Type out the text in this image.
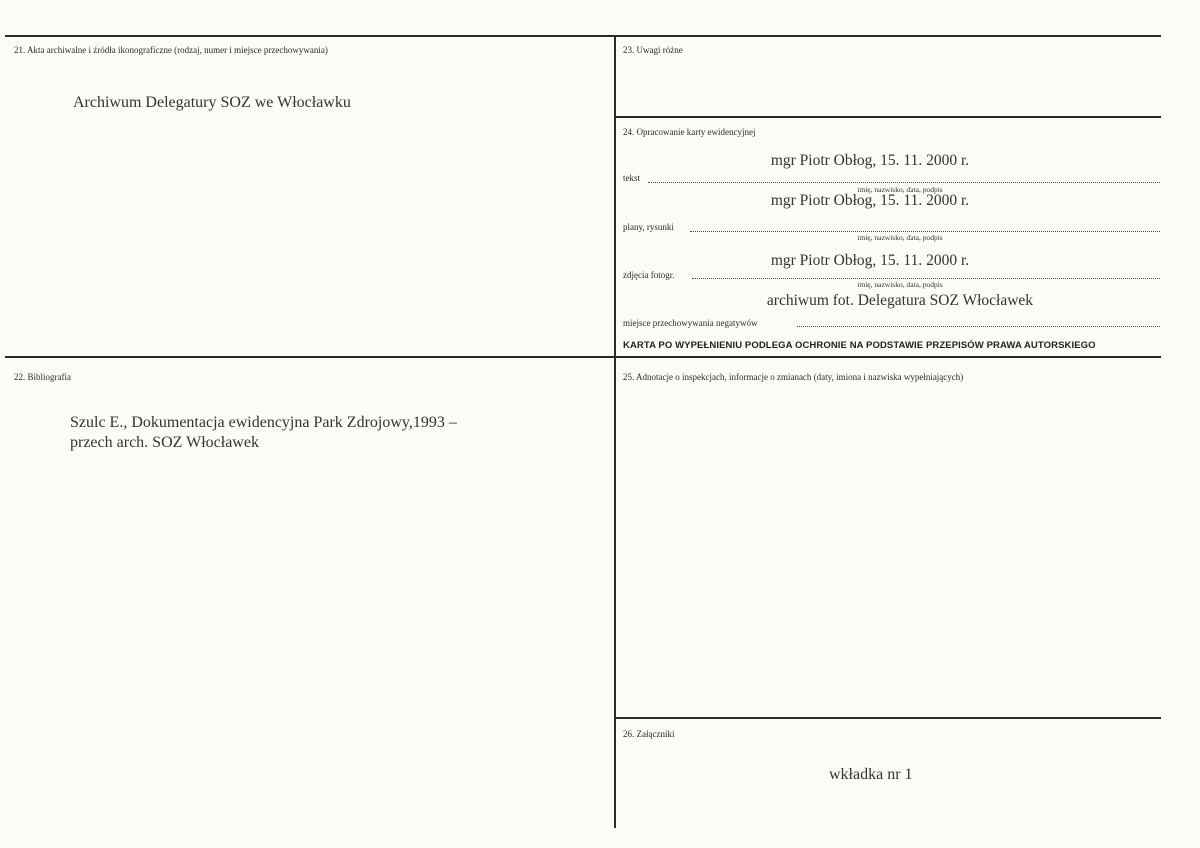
21. Akta archiwalne i źródła ikonograficzne (rodzaj, numer i miejsce przechowywania)
Archiwum Delegatury SOZ we Włocławku
22. Bibliografia
Szulc E., Dokumentacja ewidencyjna Park Zdrojowy,1993 –
przech arch. SOZ Włocławek
23. Uwagi różne
24. Opracowanie karty ewidencyjnej
mgr Piotr Obłog, 15. 11. 2000 r.
tekst
imię, nazwisko, data, podpis
mgr Piotr Obłog, 15. 11. 2000 r.
plany, rysunki
imię, nazwisko, data, podpis
mgr Piotr Obłog, 15. 11. 2000 r.
zdjęcia fotogr.
imię, nazwisko, data, podpis
archiwum fot. Delegatura SOZ Włocławek
miejsce przechowywania negatywów
KARTA PO WYPEŁNIENIU PODLEGA OCHRONIE NA PODSTAWIE PRZEPISÓW PRAWA AUTORSKIEGO
25. Adnotacje o inspekcjach, informacje o zmianach (daty, imiona i nazwiska wypełniających)
26. Załączniki
wkładka nr 1
